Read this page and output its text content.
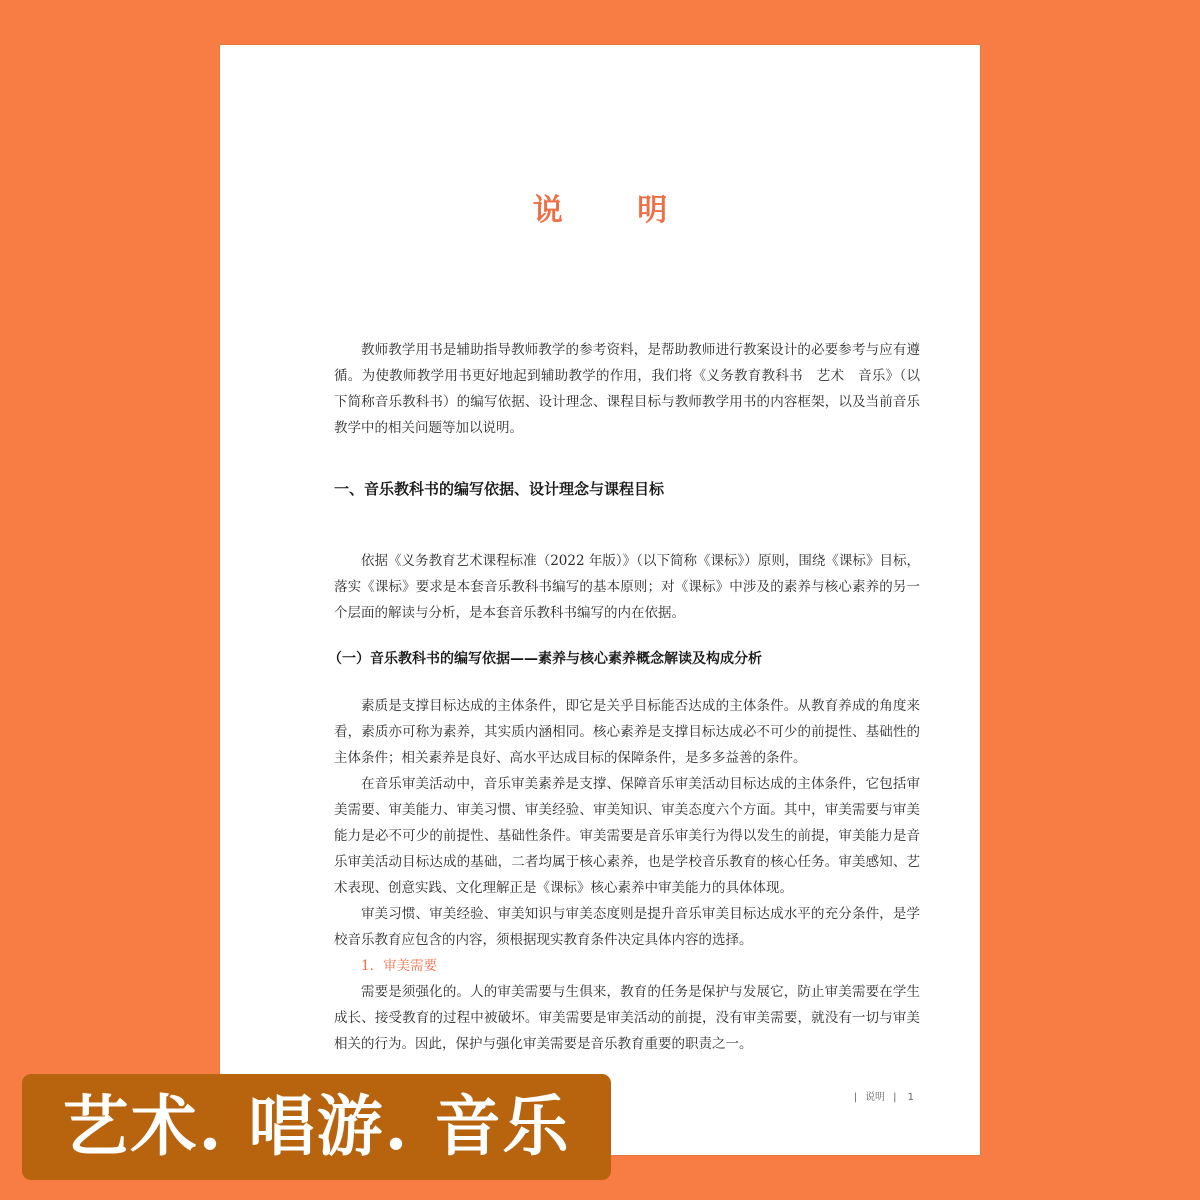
说 明

教师教学用书是辅助指导教师教学的参考资料，是帮助教师进行教案设计的必要参考与应有遵循。为使教师教学用书更好地起到辅助教学的作用，我们将《义务教育教科书　艺术　音乐》（以下简称音乐教科书）的编写依据、设计理念、课程目标与教师教学用书的内容框架，以及当前音乐教学中的相关问题等加以说明。

一、音乐教科书的编写依据、设计理念与课程目标

依据《义务教育艺术课程标准（2022 年版）》（以下简称《课标》）原则，围绕《课标》目标，落实《课标》要求是本套音乐教科书编写的基本原则；对《课标》中涉及的素养与核心素养的另一个层面的解读与分析，是本套音乐教科书编写的内在依据。

（一）音乐教科书的编写依据——素养与核心素养概念解读及构成分析

素质是支撑目标达成的主体条件，即它是关乎目标能否达成的主体条件。从教育养成的角度来看，素质亦可称为素养，其实质内涵相同。核心素养是支撑目标达成必不可少的前提性、基础性的主体条件；相关素养是良好、高水平达成目标的保障条件，是多多益善的条件。

在音乐审美活动中，音乐审美素养是支撑、保障音乐审美活动目标达成的主体条件，它包括审美需要、审美能力、审美习惯、审美经验、审美知识、审美态度六个方面。其中，审美需要与审美能力是必不可少的前提性、基础性条件。审美需要是音乐审美行为得以发生的前提，审美能力是音乐审美活动目标达成的基础，二者均属于核心素养，也是学校音乐教育的核心任务。审美感知、艺术表现、创意实践、文化理解正是《课标》核心素养中审美能力的具体体现。

审美习惯、审美经验、审美知识与审美态度则是提升音乐审美目标达成水平的充分条件，是学校音乐教育应包含的内容，须根据现实教育条件决定具体内容的选择。

1．审美需要

需要是须强化的。人的审美需要与生俱来，教育的任务是保护与发展它，防止审美需要在学生成长、接受教育的过程中被破坏。审美需要是审美活动的前提，没有审美需要，就没有一切与审美相关的行为。因此，保护与强化审美需要是音乐教育重要的职责之一。

| 说明 | 1
艺术. 唱游. 音乐
